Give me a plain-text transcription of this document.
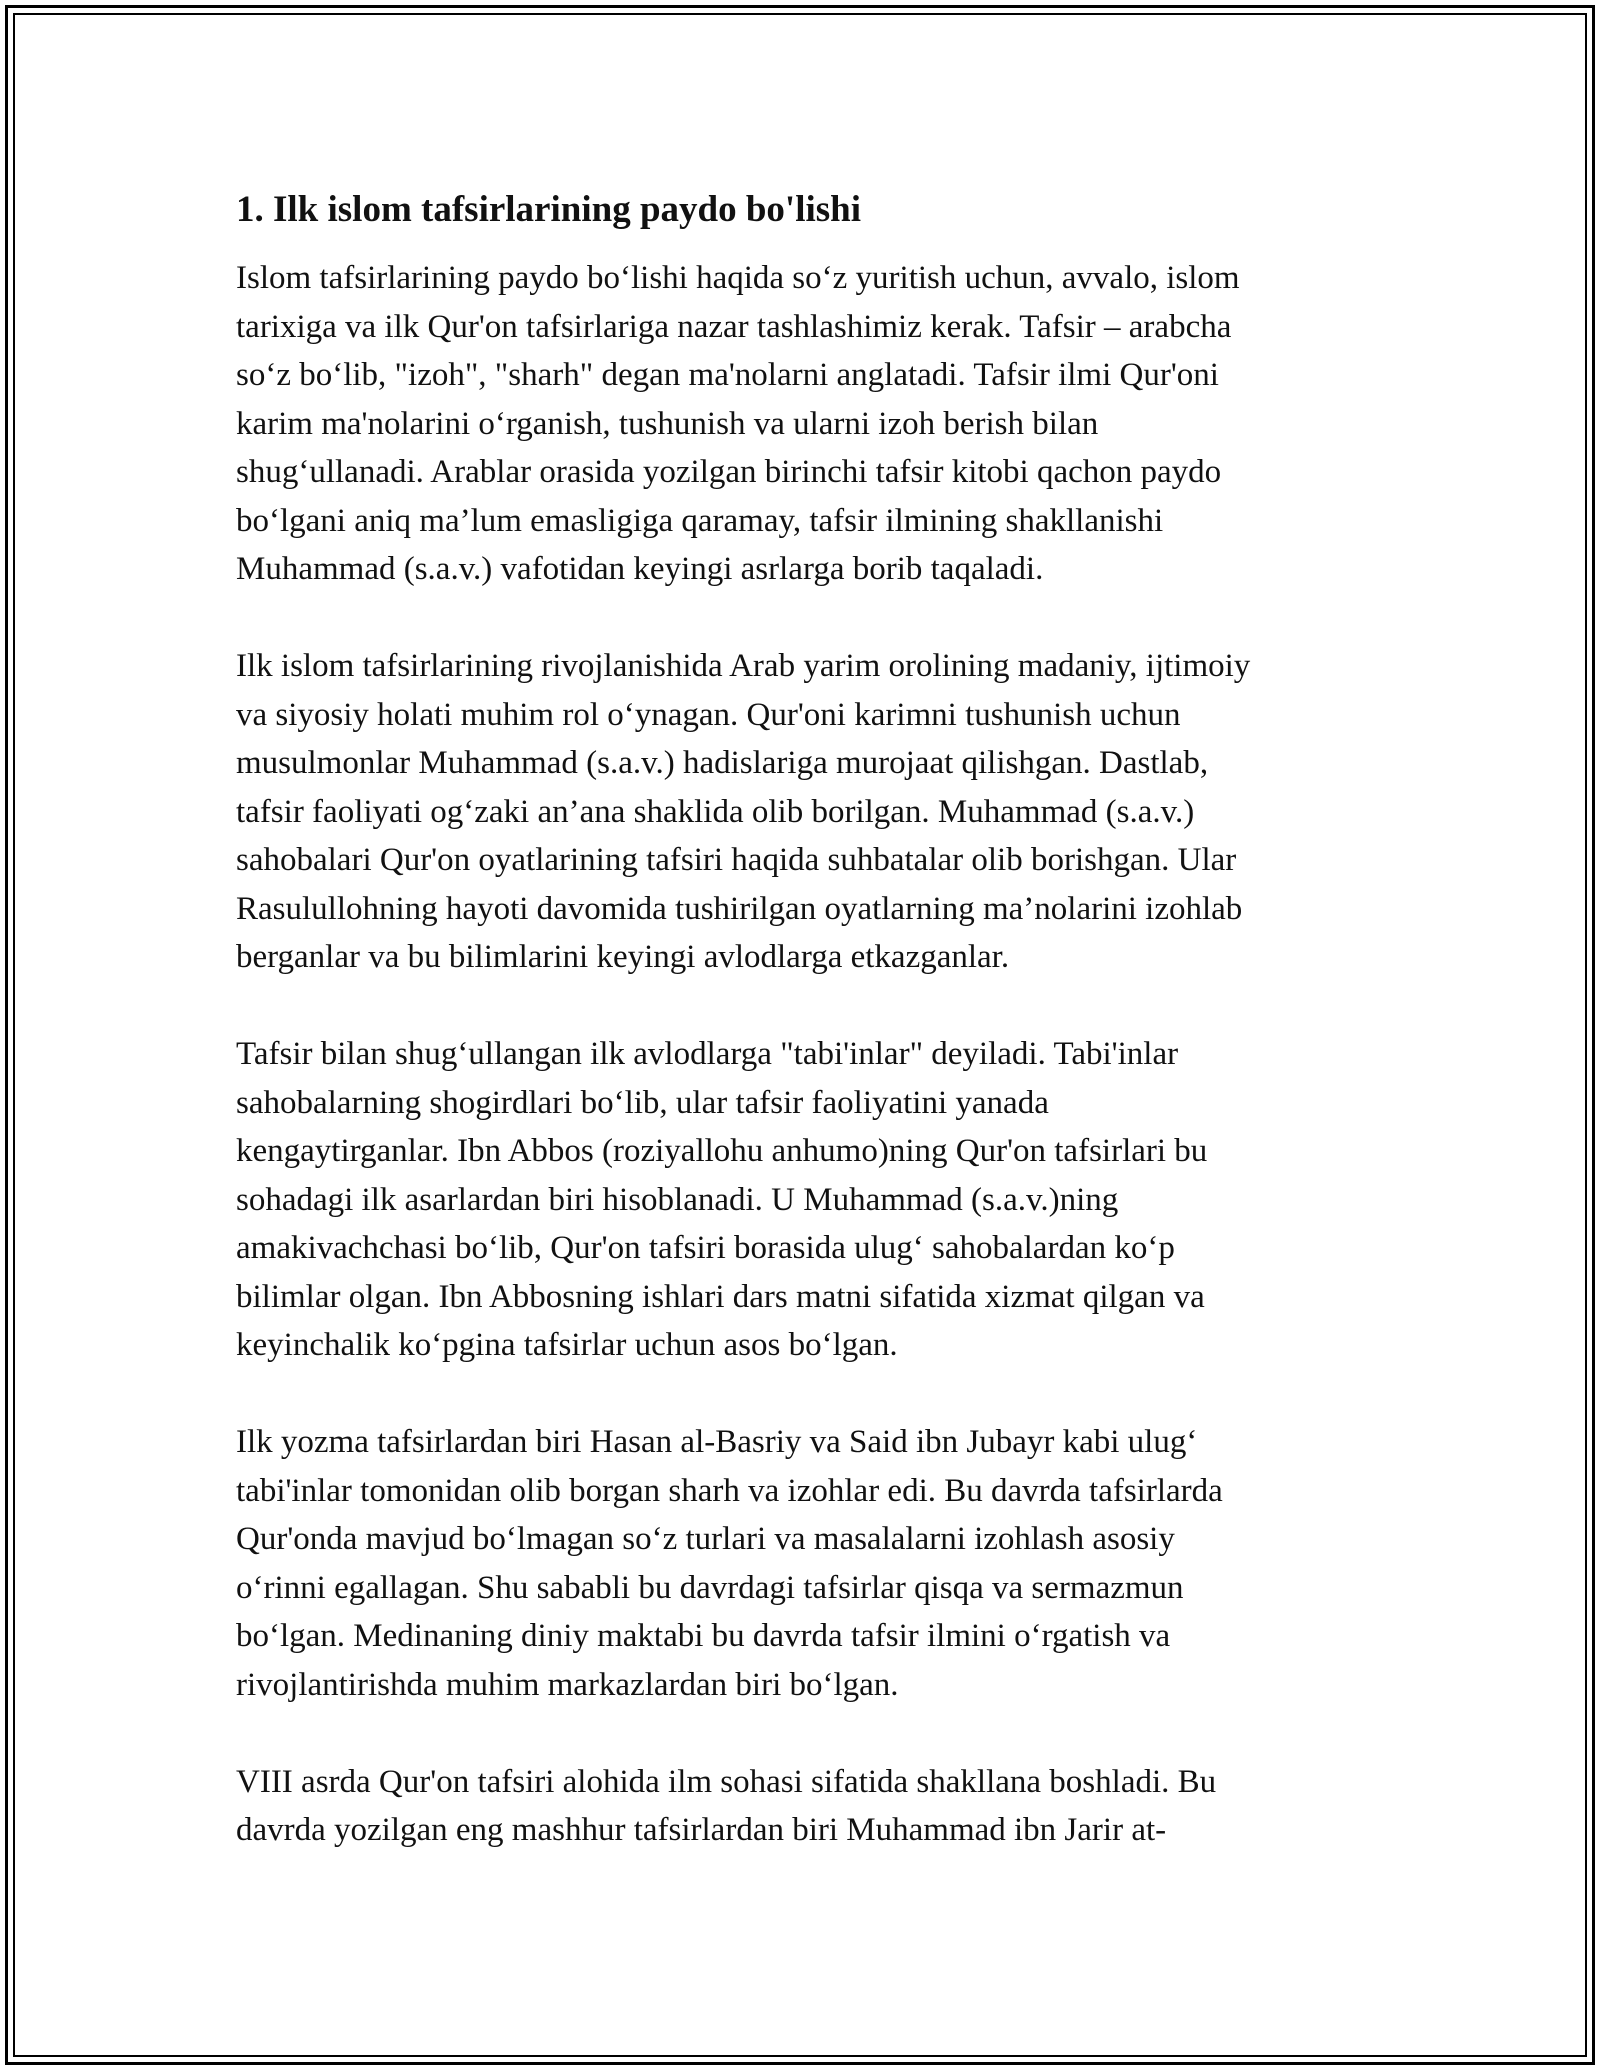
1. Ilk islom tafsirlarining paydo bo'lishi
Islom tafsirlarining paydo bo‘lishi haqida so‘z yuritish uchun, avvalo, islom
tarixiga va ilk Qur'on tafsirlariga nazar tashlashimiz kerak. Tafsir – arabcha
so‘z bo‘lib, "izoh", "sharh" degan ma'nolarni anglatadi. Tafsir ilmi Qur'oni
karim ma'nolarini o‘rganish, tushunish va ularni izoh berish bilan
shug‘ullanadi. Arablar orasida yozilgan birinchi tafsir kitobi qachon paydo
bo‘lgani aniq ma’lum emasligiga qaramay, tafsir ilmining shakllanishi
Muhammad (s.a.v.) vafotidan keyingi asrlarga borib taqaladi.
Ilk islom tafsirlarining rivojlanishida Arab yarim orolining madaniy, ijtimoiy
va siyosiy holati muhim rol o‘ynagan. Qur'oni karimni tushunish uchun
musulmonlar Muhammad (s.a.v.) hadislariga murojaat qilishgan. Dastlab,
tafsir faoliyati og‘zaki an’ana shaklida olib borilgan. Muhammad (s.a.v.)
sahobalari Qur'on oyatlarining tafsiri haqida suhbatalar olib borishgan. Ular
Rasulullohning hayoti davomida tushirilgan oyatlarning ma’nolarini izohlab
berganlar va bu bilimlarini keyingi avlodlarga etkazganlar.
Tafsir bilan shug‘ullangan ilk avlodlarga "tabi'inlar" deyiladi. Tabi'inlar
sahobalarning shogirdlari bo‘lib, ular tafsir faoliyatini yanada
kengaytirganlar. Ibn Abbos (roziyallohu anhumo)ning Qur'on tafsirlari bu
sohadagi ilk asarlardan biri hisoblanadi. U Muhammad (s.a.v.)ning
amakivachchasi bo‘lib, Qur'on tafsiri borasida ulug‘ sahobalardan ko‘p
bilimlar olgan. Ibn Abbosning ishlari dars matni sifatida xizmat qilgan va
keyinchalik ko‘pgina tafsirlar uchun asos bo‘lgan.
Ilk yozma tafsirlardan biri Hasan al-Basriy va Said ibn Jubayr kabi ulug‘
tabi'inlar tomonidan olib borgan sharh va izohlar edi. Bu davrda tafsirlarda
Qur'onda mavjud bo‘lmagan so‘z turlari va masalalarni izohlash asosiy
o‘rinni egallagan. Shu sababli bu davrdagi tafsirlar qisqa va sermazmun
bo‘lgan. Medinaning diniy maktabi bu davrda tafsir ilmini o‘rgatish va
rivojlantirishda muhim markazlardan biri bo‘lgan.
VIII asrda Qur'on tafsiri alohida ilm sohasi sifatida shakllana boshladi. Bu
davrda yozilgan eng mashhur tafsirlardan biri Muhammad ibn Jarir at-
